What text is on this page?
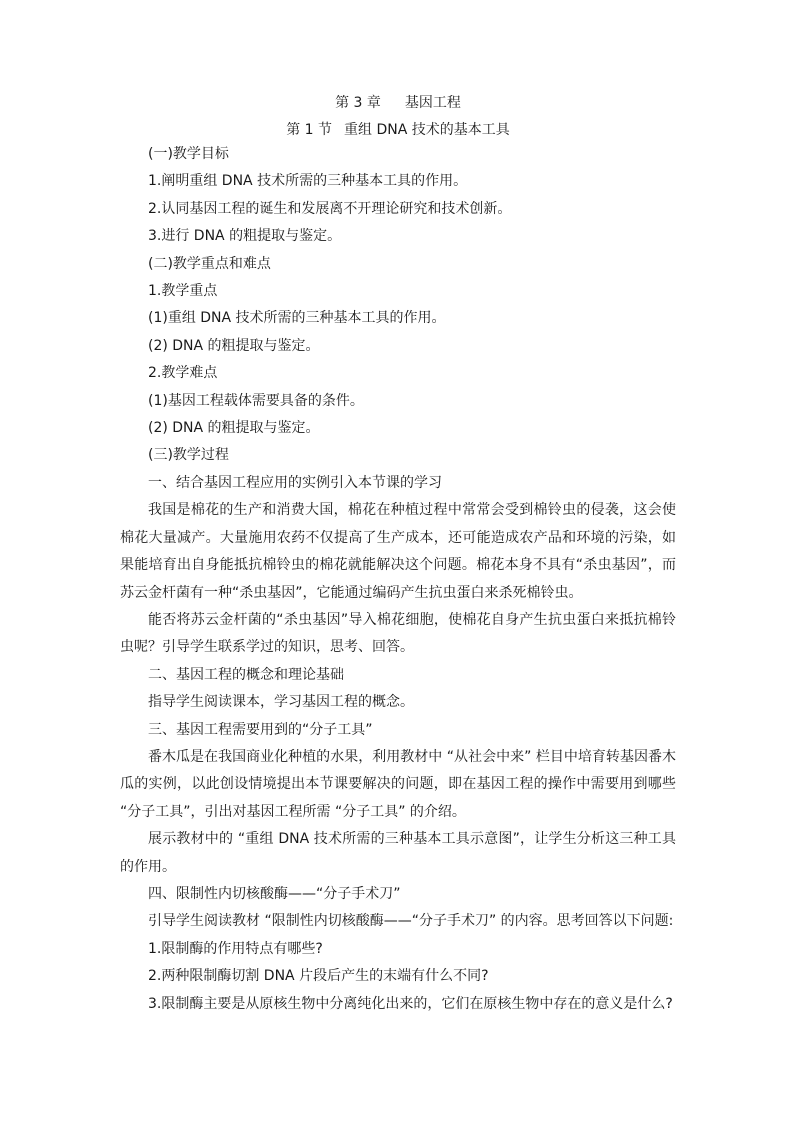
第 3 章 基因工程

第 1 节 重组 DNA 技术的基本工具

(一)教学目标

1.阐明重组 DNA 技术所需的三种基本工具的作用。

2.认同基因工程的诞生和发展离不开理论研究和技术创新。

3.进行 DNA 的粗提取与鉴定。

(二)教学重点和难点

1.教学重点

(1)重组 DNA 技术所需的三种基本工具的作用。

(2) DNA 的粗提取与鉴定。

2.教学难点

(1)基因工程载体需要具备的条件。

(2) DNA 的粗提取与鉴定。

(三)教学过程

一、结合基因工程应用的实例引入本节课的学习

我国是棉花的生产和消费大国，棉花在种植过程中常常会受到棉铃虫的侵袭，这会使棉花大量减产。大量施用农药不仅提高了生产成本，还可能造成农产品和环境的污染，如果能培育出自身能抵抗棉铃虫的棉花就能解决这个问题。棉花本身不具有“杀虫基因”，而苏云金杆菌有一种“杀虫基因”，它能通过编码产生抗虫蛋白来杀死棉铃虫。

能否将苏云金杆菌的“杀虫基因”导入棉花细胞，使棉花自身产生抗虫蛋白来抵抗棉铃虫呢？引导学生联系学过的知识，思考、回答。

二、基因工程的概念和理论基础

指导学生阅读课本，学习基因工程的概念。

三、基因工程需要用到的“分子工具”

番木瓜是在我国商业化种植的水果，利用教材中 “从社会中来” 栏目中培育转基因番木瓜的实例，以此创设情境提出本节课要解决的问题，即在基因工程的操作中需要用到哪些 “分子工具”，引出对基因工程所需 “分子工具” 的介绍。

展示教材中的 “重组 DNA 技术所需的三种基本工具示意图”，让学生分析这三种工具的作用。

四、限制性内切核酸酶——“分子手术刀”

引导学生阅读教材 “限制性内切核酸酶——“分子手术刀” 的内容。思考回答以下问题:

1.限制酶的作用特点有哪些?

2.两种限制酶切割 DNA 片段后产生的末端有什么不同?

3.限制酶主要是从原核生物中分离纯化出来的，它们在原核生物中存在的意义是什么?
